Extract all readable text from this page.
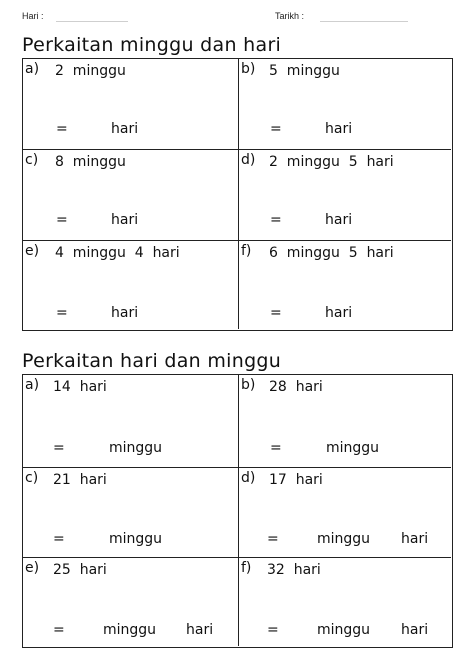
Hari :	Tarikh :
Perkaitan minggu dan hari
a) 2  minggu
=	hari
b) 5  minggu
=	hari
c) 8  minggu
=	hari
d) 2  minggu  5  hari
=	hari
e) 4  minggu  4  hari
=	hari
f) 6  minggu  5  hari
=	hari
Perkaitan hari dan minggu
a) 14  hari
=	minggu
b) 28  hari
=	minggu
c) 21  hari
=	minggu
d) 17  hari
=	minggu hari
e) 25  hari
=	minggu hari
f) 32  hari
=	minggu hari
